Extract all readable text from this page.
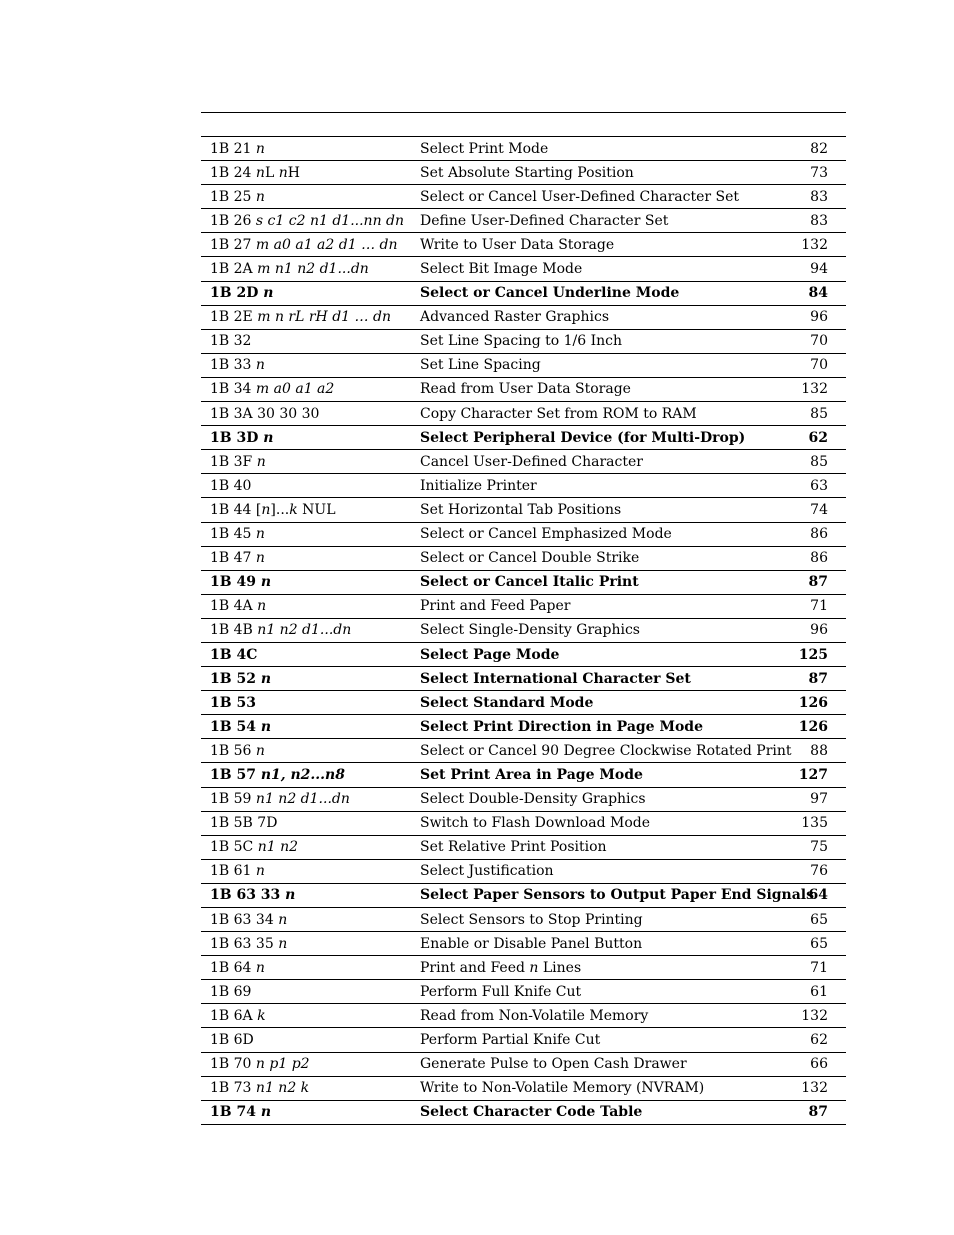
1B 21 n	Select Print Mode	82
1B 24 nL nH	Set Absolute Starting Position	73
1B 25 n	Select or Cancel User-Defined Character Set	83
1B 26 s c1 c2 n1 d1...nn dn	Define User-Defined Character Set	83
1B 27 m a0 a1 a2 d1 … dn	Write to User Data Storage	132
1B 2A m n1 n2 d1...dn	Select Bit Image Mode	94
1B 2D n	Select or Cancel Underline Mode	84
1B 2E m n rL rH d1 … dn	Advanced Raster Graphics	96
1B 32	Set Line Spacing to 1/6 Inch	70
1B 33 n	Set Line Spacing	70
1B 34 m a0 a1 a2	Read from User Data Storage	132
1B 3A 30 30 30	Copy Character Set from ROM to RAM	85
1B 3D n	Select Peripheral Device (for Multi-Drop)	62
1B 3F n	Cancel User-Defined Character	85
1B 40	Initialize Printer	63
1B 44 [n]...k NUL	Set Horizontal Tab Positions	74
1B 45 n	Select or Cancel Emphasized Mode	86
1B 47 n	Select or Cancel Double Strike	86
1B 49 n	Select or Cancel Italic Print	87
1B 4A n	Print and Feed Paper	71
1B 4B n1 n2 d1...dn	Select Single-Density Graphics	96
1B 4C	Select Page Mode	125
1B 52 n	Select International Character Set	87
1B 53	Select Standard Mode	126
1B 54 n	Select Print Direction in Page Mode	126
1B 56 n	Select or Cancel 90 Degree Clockwise Rotated Print	88
1B 57 n1, n2...n8	Set Print Area in Page Mode	127
1B 59 n1 n2 d1...dn	Select Double-Density Graphics	97
1B 5B 7D	Switch to Flash Download Mode	135
1B 5C n1 n2	Set Relative Print Position	75
1B 61 n	Select Justification	76
1B 63 33 n	Select Paper Sensors to Output Paper End Signals	64
1B 63 34 n	Select Sensors to Stop Printing	65
1B 63 35 n	Enable or Disable Panel Button	65
1B 64 n	Print and Feed n Lines	71
1B 69	Perform Full Knife Cut	61
1B 6A k	Read from Non-Volatile Memory	132
1B 6D	Perform Partial Knife Cut	62
1B 70 n p1 p2	Generate Pulse to Open Cash Drawer	66
1B 73 n1 n2 k	Write to Non-Volatile Memory (NVRAM)	132
1B 74 n	Select Character Code Table	87
